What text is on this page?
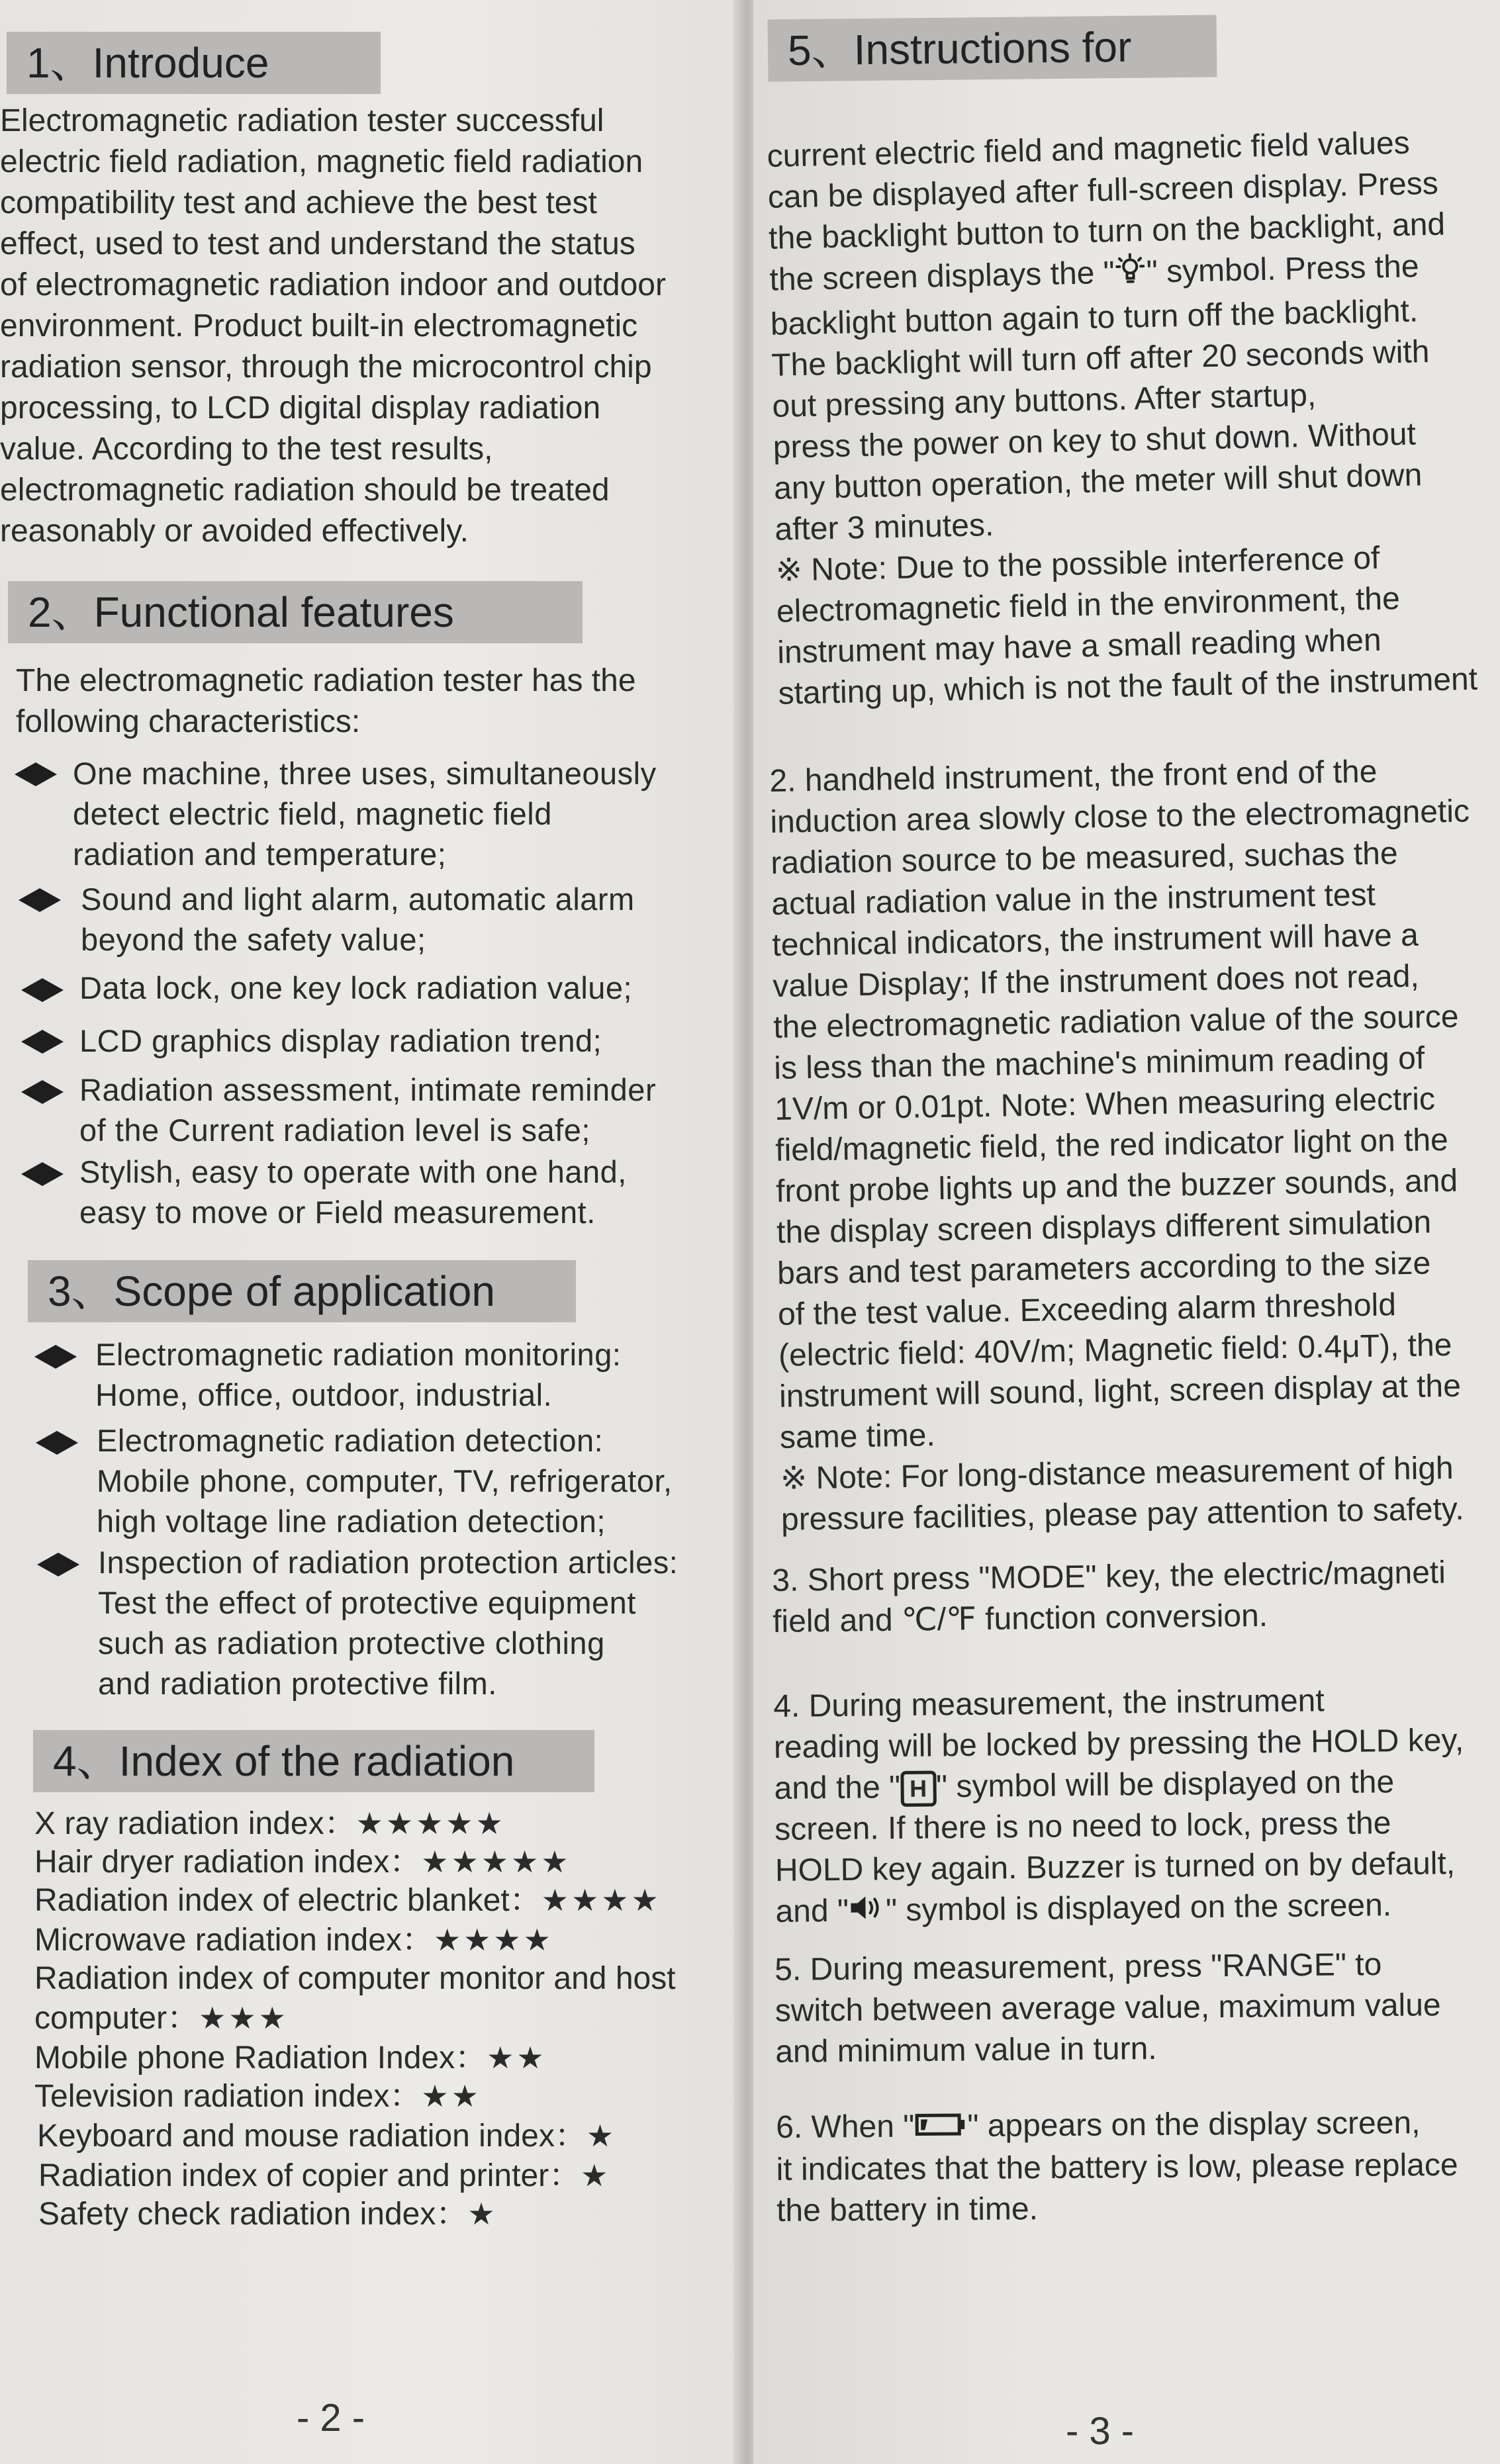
1、Introduce
Electromagnetic radiation tester successful
electric field radiation, magnetic field radiation
compatibility test and achieve the best test
effect, used to test and understand the status
of electromagnetic radiation indoor and outdoor
environment. Product built-in electromagnetic
radiation sensor, through the microcontrol chip
processing, to LCD digital display radiation
value. According to the test results,
electromagnetic radiation should be treated
reasonably or avoided effectively.
2、Functional features
The electromagnetic radiation tester has the
following characteristics:
One machine, three uses, simultaneously
detect electric field, magnetic field
radiation and temperature;
Sound and light alarm, automatic alarm
beyond the safety value;
Data lock, one key lock radiation value;
LCD graphics display radiation trend;
Radiation assessment, intimate reminder
of the Current radiation level is safe;
Stylish, easy to operate with one hand,
easy to move or Field measurement.
3、Scope of application
Electromagnetic radiation monitoring:
Home, office, outdoor, industrial.
Electromagnetic radiation detection:
Mobile phone, computer, TV, refrigerator,
high voltage line radiation detection;
Inspection of radiation protection articles:
Test the effect of protective equipment
such as radiation protective clothing
and radiation protective film.
4、Index of the radiation
X ray radiation index：★★★★★
Hair dryer radiation index：★★★★★
Radiation index of electric blanket：★★★★
Microwave radiation index：★★★★
Radiation index of computer monitor and host
computer：★★★
Mobile phone Radiation Index：★★
Television radiation index：★★
Keyboard and mouse radiation index：★
Radiation index of copier and printer：★
Safety check radiation index：★
- 2 -
5、Instructions for
current electric field and magnetic field values
can be displayed after full-screen display. Press
the backlight button to turn on the backlight, and
the screen displays the " " symbol. Press the
backlight button again to turn off the backlight.
The backlight will turn off after 20 seconds with
out pressing any buttons. After startup,
press the power on key to shut down. Without
any button operation, the meter will shut down
after 3 minutes.
※ Note: Due to the possible interference of
electromagnetic field in the environment, the
instrument may have a small reading when
starting up, which is not the fault of the instrument
2. handheld instrument, the front end of the
induction area slowly close to the electromagnetic
radiation source to be measured, suchas the
actual radiation value in the instrument test
technical indicators, the instrument will have a
value Display; If the instrument does not read,
the electromagnetic radiation value of the source
is less than the machine's minimum reading of
1V/m or 0.01pt. Note: When measuring electric
field/magnetic field, the red indicator light on the
front probe lights up and the buzzer sounds, and
the display screen displays different simulation
bars and test parameters according to the size
of the test value. Exceeding alarm threshold
(electric field: 40V/m; Magnetic field: 0.4μT), the
instrument will sound, light, screen display at the
same time.
※ Note: For long-distance measurement of high
pressure facilities, please pay attention to safety.
3. Short press "MODE" key, the electric/magneti
field and ℃/℉ function conversion.
4. During measurement, the instrument
reading will be locked by pressing the HOLD key,
and the " H " symbol will be displayed on the
screen. If there is no need to lock, press the
HOLD key again. Buzzer is turned on by default,
and " " symbol is displayed on the screen.
5. During measurement, press "RANGE" to
switch between average value, maximum value
and minimum value in turn.
6. When " " appears on the display screen,
it indicates that the battery is low, please replace
the battery in time.
- 3 -
